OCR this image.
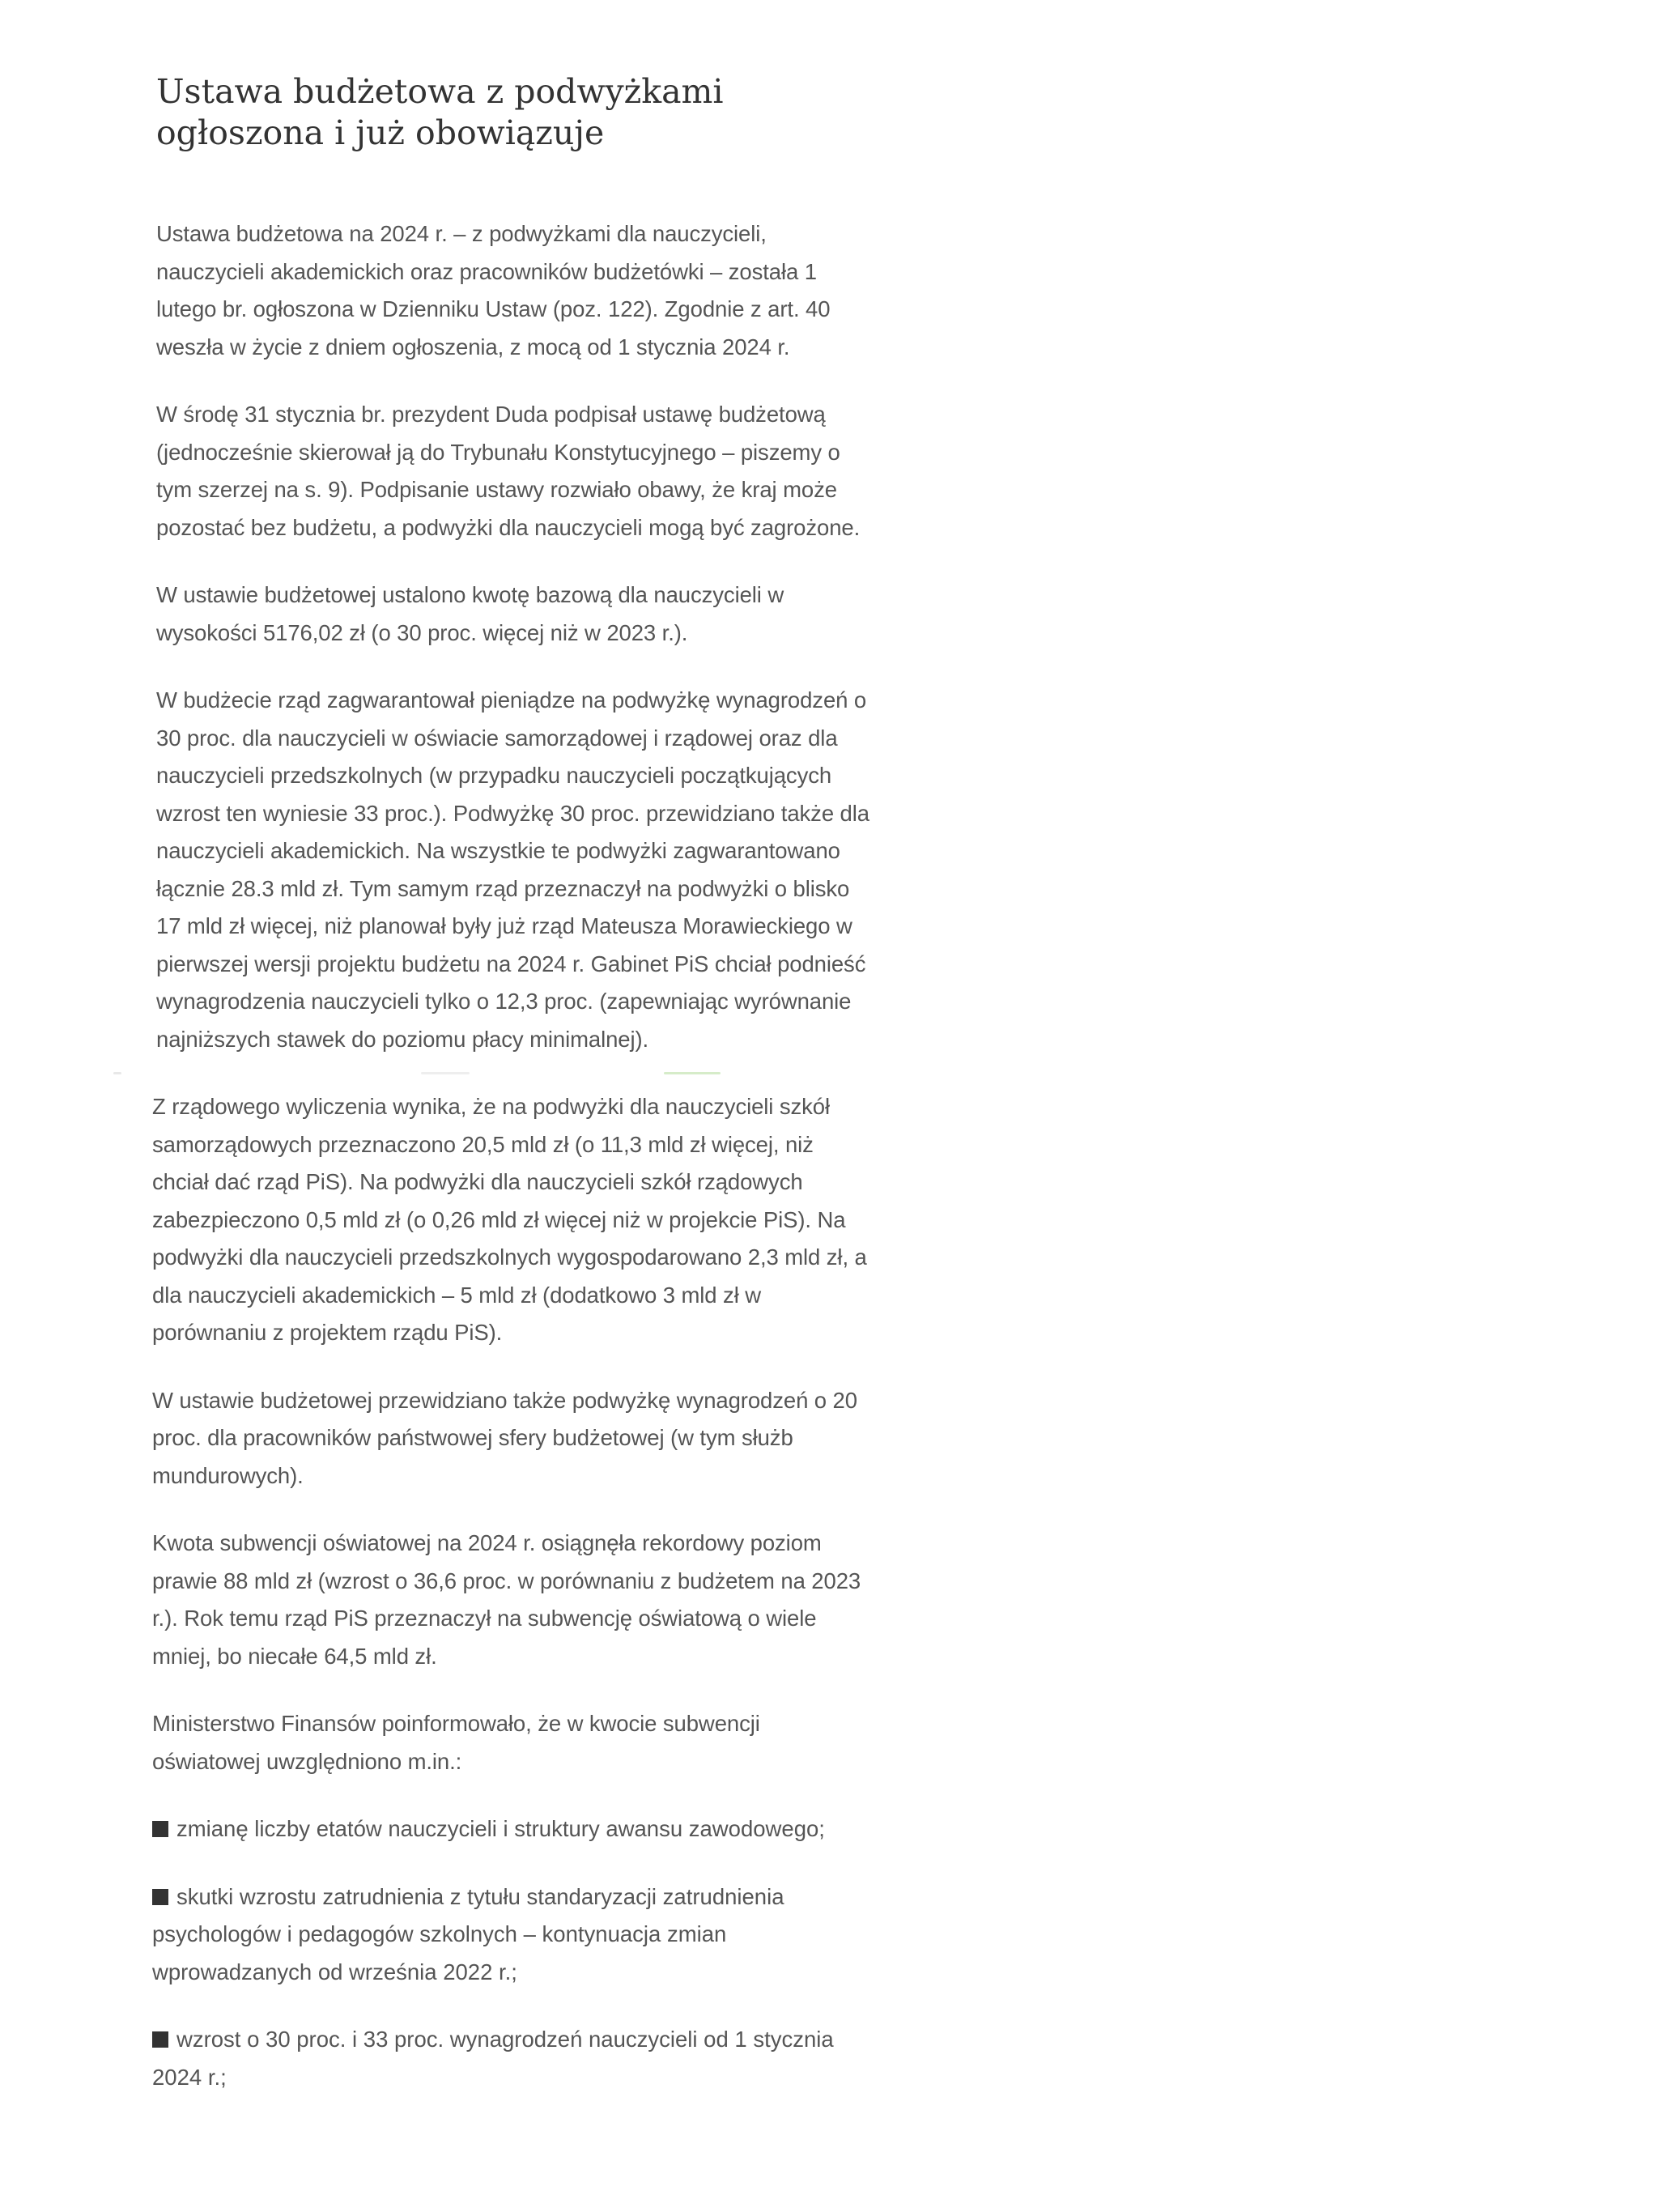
Ustawa budżetowa z podwyżkami ogłoszona i już obowiązuje

Ustawa budżetowa na 2024 r. – z podwyżkami dla nauczycieli, nauczycieli akademickich oraz pracowników budżetówki – została 1 lutego br. ogłoszona w Dzienniku Ustaw (poz. 122). Zgodnie z art. 40 weszła w życie z dniem ogłoszenia, z mocą od 1 stycznia 2024 r.

W środę 31 stycznia br. prezydent Duda podpisał ustawę budżetową (jednocześnie skierował ją do Trybunału Konstytucyjnego – piszemy o tym szerzej na s. 9). Podpisanie ustawy rozwiało obawy, że kraj może pozostać bez budżetu, a podwyżki dla nauczycieli mogą być zagrożone.

W ustawie budżetowej ustalono kwotę bazową dla nauczycieli w wysokości 5176,02 zł (o 30 proc. więcej niż w 2023 r.).

W budżecie rząd zagwarantował pieniądze na podwyżkę wynagrodzeń o 30 proc. dla nauczycieli w oświacie samorządowej i rządowej oraz dla nauczycieli przedszkolnych (w przypadku nauczycieli początkujących wzrost ten wyniesie 33 proc.). Podwyżkę 30 proc. przewidziano także dla nauczycieli akademickich. Na wszystkie te podwyżki zagwarantowano łącznie 28.3 mld zł. Tym samym rząd przeznaczył na podwyżki o blisko 17 mld zł więcej, niż planował były już rząd Mateusza Morawieckiego w pierwszej wersji projektu budżetu na 2024 r. Gabinet PiS chciał podnieść wynagrodzenia nauczycieli tylko o 12,3 proc. (zapewniając wyrównanie najniższych stawek do poziomu płacy minimalnej).

Z rządowego wyliczenia wynika, że na podwyżki dla nauczycieli szkół samorządowych przeznaczono 20,5 mld zł (o 11,3 mld zł więcej, niż chciał dać rząd PiS). Na podwyżki dla nauczycieli szkół rządowych zabezpieczono 0,5 mld zł (o 0,26 mld zł więcej niż w projekcie PiS). Na podwyżki dla nauczycieli przedszkolnych wygospodarowano 2,3 mld zł, a dla nauczycieli akademickich – 5 mld zł (dodatkowo 3 mld zł w porównaniu z projektem rządu PiS).

W ustawie budżetowej przewidziano także podwyżkę wynagrodzeń o 20 proc. dla pracowników państwowej sfery budżetowej (w tym służb mundurowych).

Kwota subwencji oświatowej na 2024 r. osiągnęła rekordowy poziom prawie 88 mld zł (wzrost o 36,6 proc. w porównaniu z budżetem na 2023 r.). Rok temu rząd PiS przeznaczył na subwencję oświatową o wiele mniej, bo niecałe 64,5 mld zł.

Ministerstwo Finansów poinformowało, że w kwocie subwencji oświatowej uwzględniono m.in.:

zmianę liczby etatów nauczycieli i struktury awansu zawodowego;

skutki wzrostu zatrudnienia z tytułu standaryzacji zatrudnienia psychologów i pedagogów szkolnych – kontynuacja zmian wprowadzanych od września 2022 r.;

wzrost o 30 proc. i 33 proc. wynagrodzeń nauczycieli od 1 stycznia 2024 r.;
